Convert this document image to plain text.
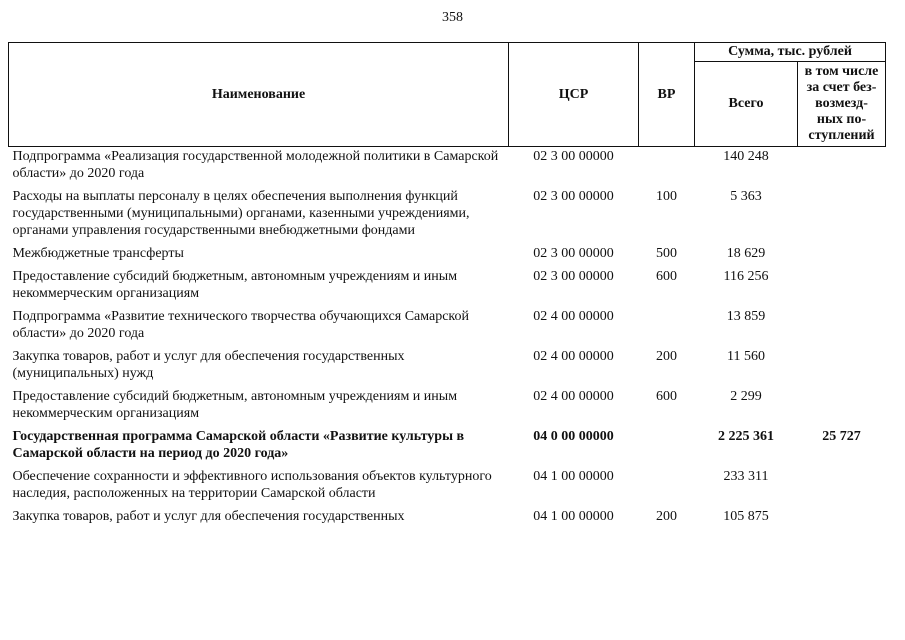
358
Наименование	ЦСР	ВР	Сумма, тыс. рублей	
			Всего	в том числе
за счет без-
возмезд-
ных по-
ступлений

Подпрограмма «Реализация государственной молодежной политики в Самарской области» до 2020 года	02 3 00 00000		140 248	
Расходы на выплаты персоналу в целях обеспечения выполнения функций государственными (муниципальными) органами, казенными учреждениями, органами управления государственными внебюджетными фондами	02 3 00 00000	100	5 363	
Межбюджетные трансферты	02 3 00 00000	500	18 629	
Предоставление субсидий бюджетным, автономным учреждениям и иным некоммерческим организациям	02 3 00 00000	600	116 256	
Подпрограмма «Развитие технического творчества обучающихся Самарской области» до 2020 года	02 4 00 00000		13 859	
Закупка товаров, работ и услуг для обеспечения государственных (муниципальных) нужд	02 4 00 00000	200	11 560	
Предоставление субсидий бюджетным, автономным учреждениям и иным некоммерческим организациям	02 4 00 00000	600	2 299	
Государственная программа Самарской области «Развитие культуры в Самарской области на период до 2020 года»	04 0 00 00000		2 225 361	25 727
Обеспечение сохранности и эффективного использования объектов культурного наследия, расположенных на территории Самарской области	04 1 00 00000		233 311	
Закупка товаров, работ и услуг для обеспечения государственных	04 1 00 00000	200	105 875	
